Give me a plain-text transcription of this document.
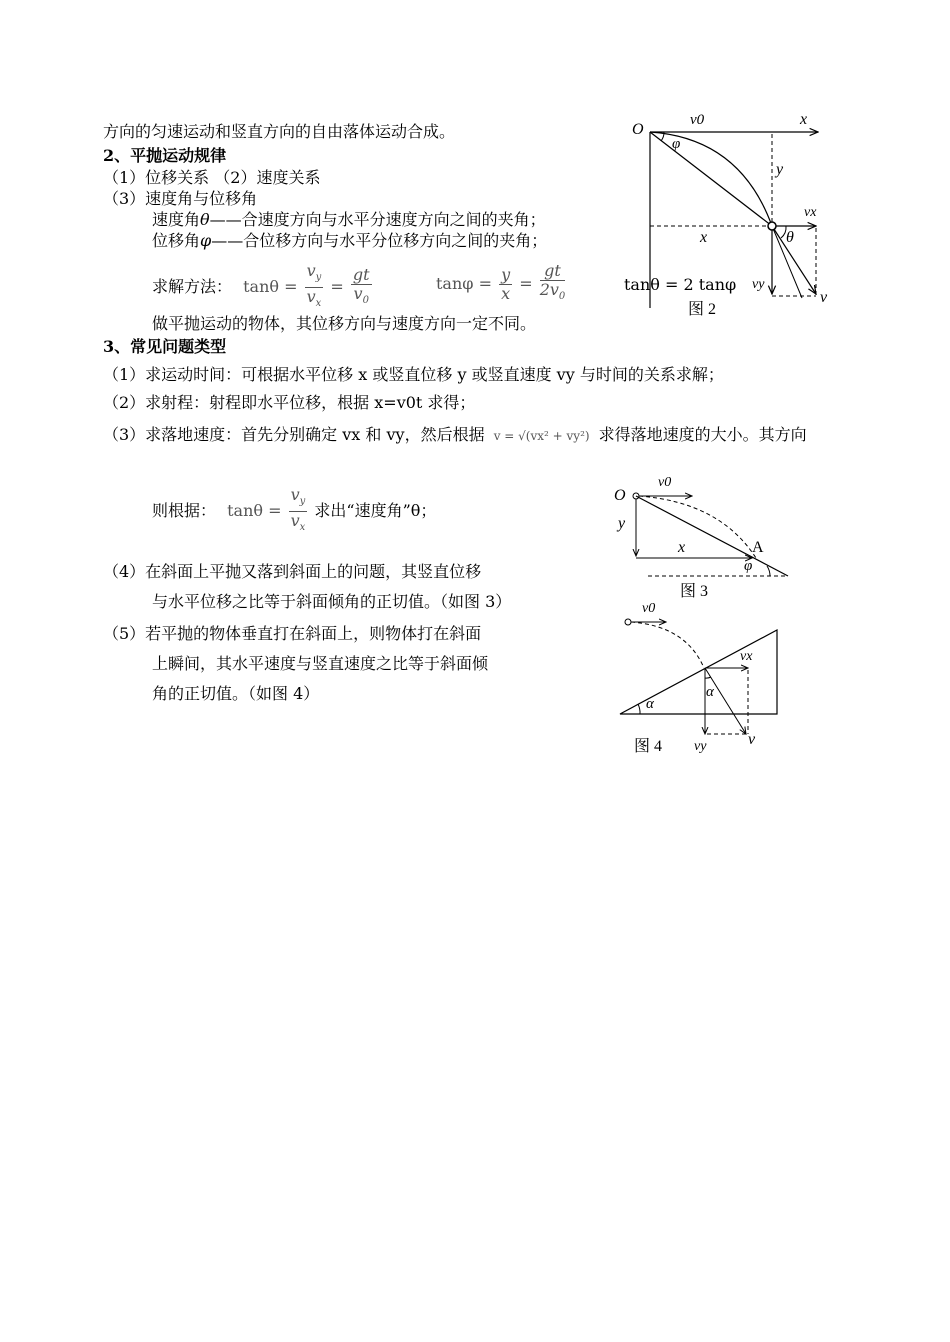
方向的匀速运动和竖直方向的自由落体运动合成。
2、平抛运动规律
（1）位移关系 （2）速度关系
（3）速度角与位移角
速度角θ——合速度方向与水平分速度方向之间的夹角；
位移角φ——合位移方向与水平分位移方向之间的夹角；
求解方法： $\tan\theta = \frac{v_y}{v_x} = \frac{gt}{v_0}$	$\tan\varphi = \frac{y}{x} = \frac{gt}{2v_0}$	tanθ = 2 tanφ
做平抛运动的物体，其位移方向与速度方向一定不同。
3、常见问题类型
（1）求运动时间：可根据水平位移 x 或竖直位移 y 或竖直速度 vy 与时间的关系求解；
（2）求射程：射程即水平位移，根据 x=v0t 求得；
（3）求落地速度：首先分别确定 vx 和 vy，然后根据 v = √(vx² + vy²) 求得落地速度的大小。其方向
则根据： $\tan\theta = \frac{v_y}{v_x}$ 求出“速度角”θ；
（4）在斜面上平抛又落到斜面上的问题，其竖直位移
与水平位移之比等于斜面倾角的正切值。（如图 3）
（5）若平抛的物体垂直打在斜面上，则物体打在斜面
上瞬间，其水平速度与竖直速度之比等于斜面倾
角的正切值。（如图 4）
O
v0	x
φ
y
x
vx
θ
vy
v
图 2
O
v0
y
x	A
φ
图 3
v0
α
α
vx
vy	v
图 4
